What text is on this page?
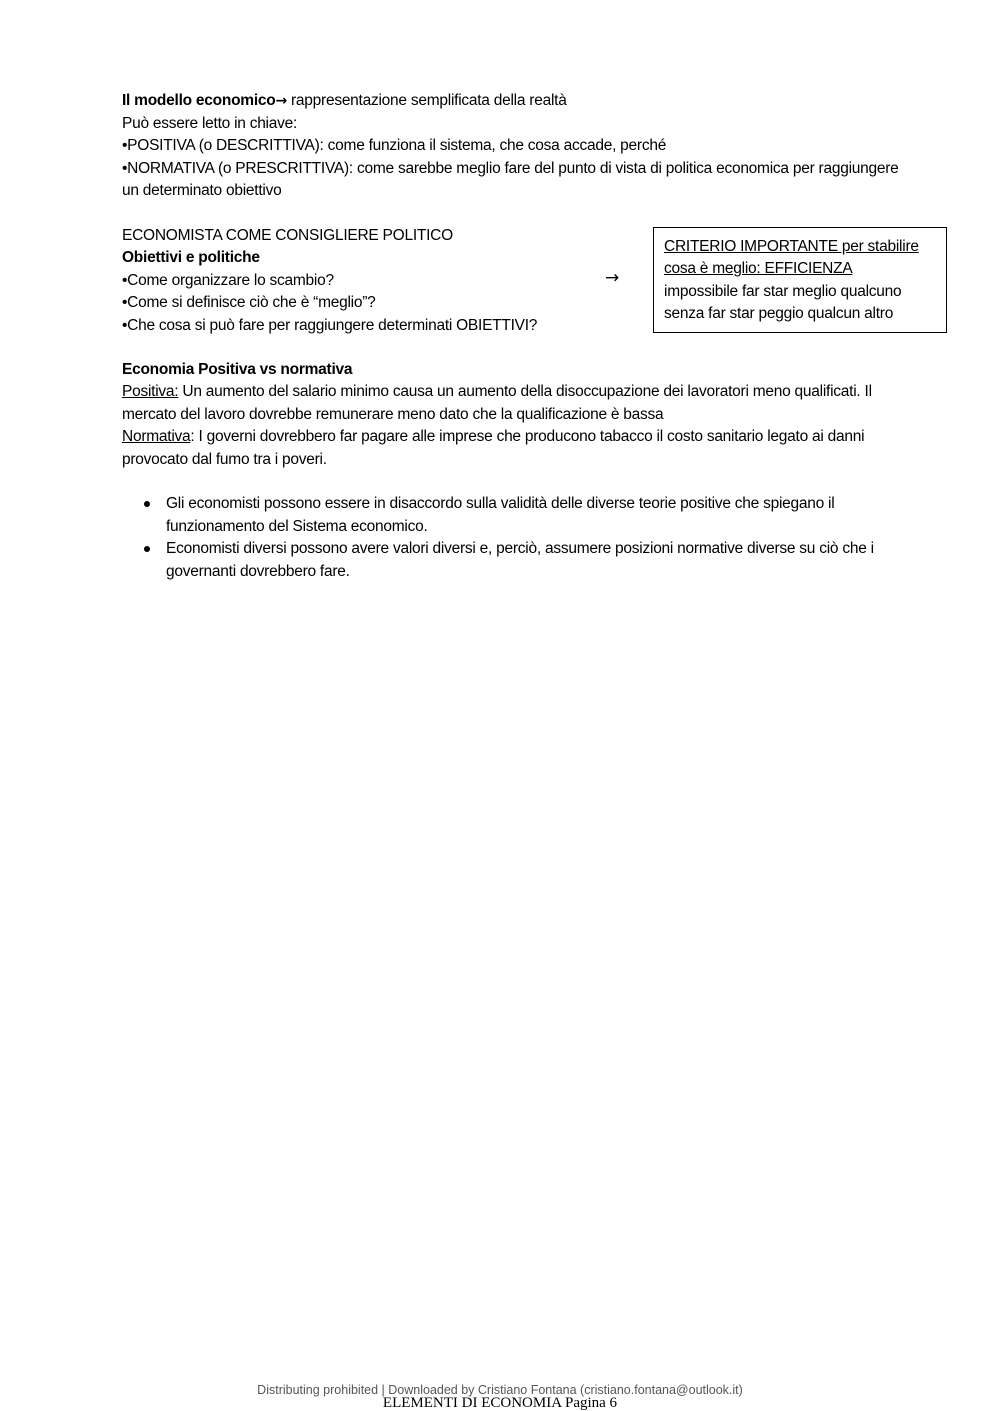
Il modello economico→ rappresentazione semplificata della realtà

Può essere letto in chiave:

•POSITIVA (o DESCRITTIVA): come funziona il sistema, che cosa accade, perché

•NORMATIVA (o PRESCRITTIVA): come sarebbe meglio fare del punto di vista di politica economica per raggiungere un determinato obiettivo

ECONOMISTA COME CONSIGLIERE POLITICO

Obiettivi e politiche

•Come organizzare lo scambio?

•Come si definisce ciò che è “meglio”?

•Che cosa si può fare per raggiungere determinati OBIETTIVI?

→
CRITERIO IMPORTANTE per stabilire
cosa è meglio: EFFICIENZA
impossibile far star meglio qualcuno
senza far star peggio qualcun altro

Economia Positiva vs normativa

Positiva: Un aumento del salario minimo causa un aumento della disoccupazione dei lavoratori meno qualificati. Il mercato del lavoro dovrebbe remunerare meno dato che la qualificazione è bassa

Normativa: I governi dovrebbero far pagare alle imprese che producono tabacco il costo sanitario legato ai danni provocato dal fumo tra i poveri.

Gli economisti possono essere in disaccordo sulla validità delle diverse teorie positive che spiegano il funzionamento del Sistema economico.
Economisti diversi possono avere valori diversi e, perciò, assumere posizioni normative diverse su ciò che i governanti dovrebbero fare.
Distributing prohibited | Downloaded by Cristiano Fontana (cristiano.fontana@outlook.it)
ELEMENTI DI ECONOMIA Pagina 6
